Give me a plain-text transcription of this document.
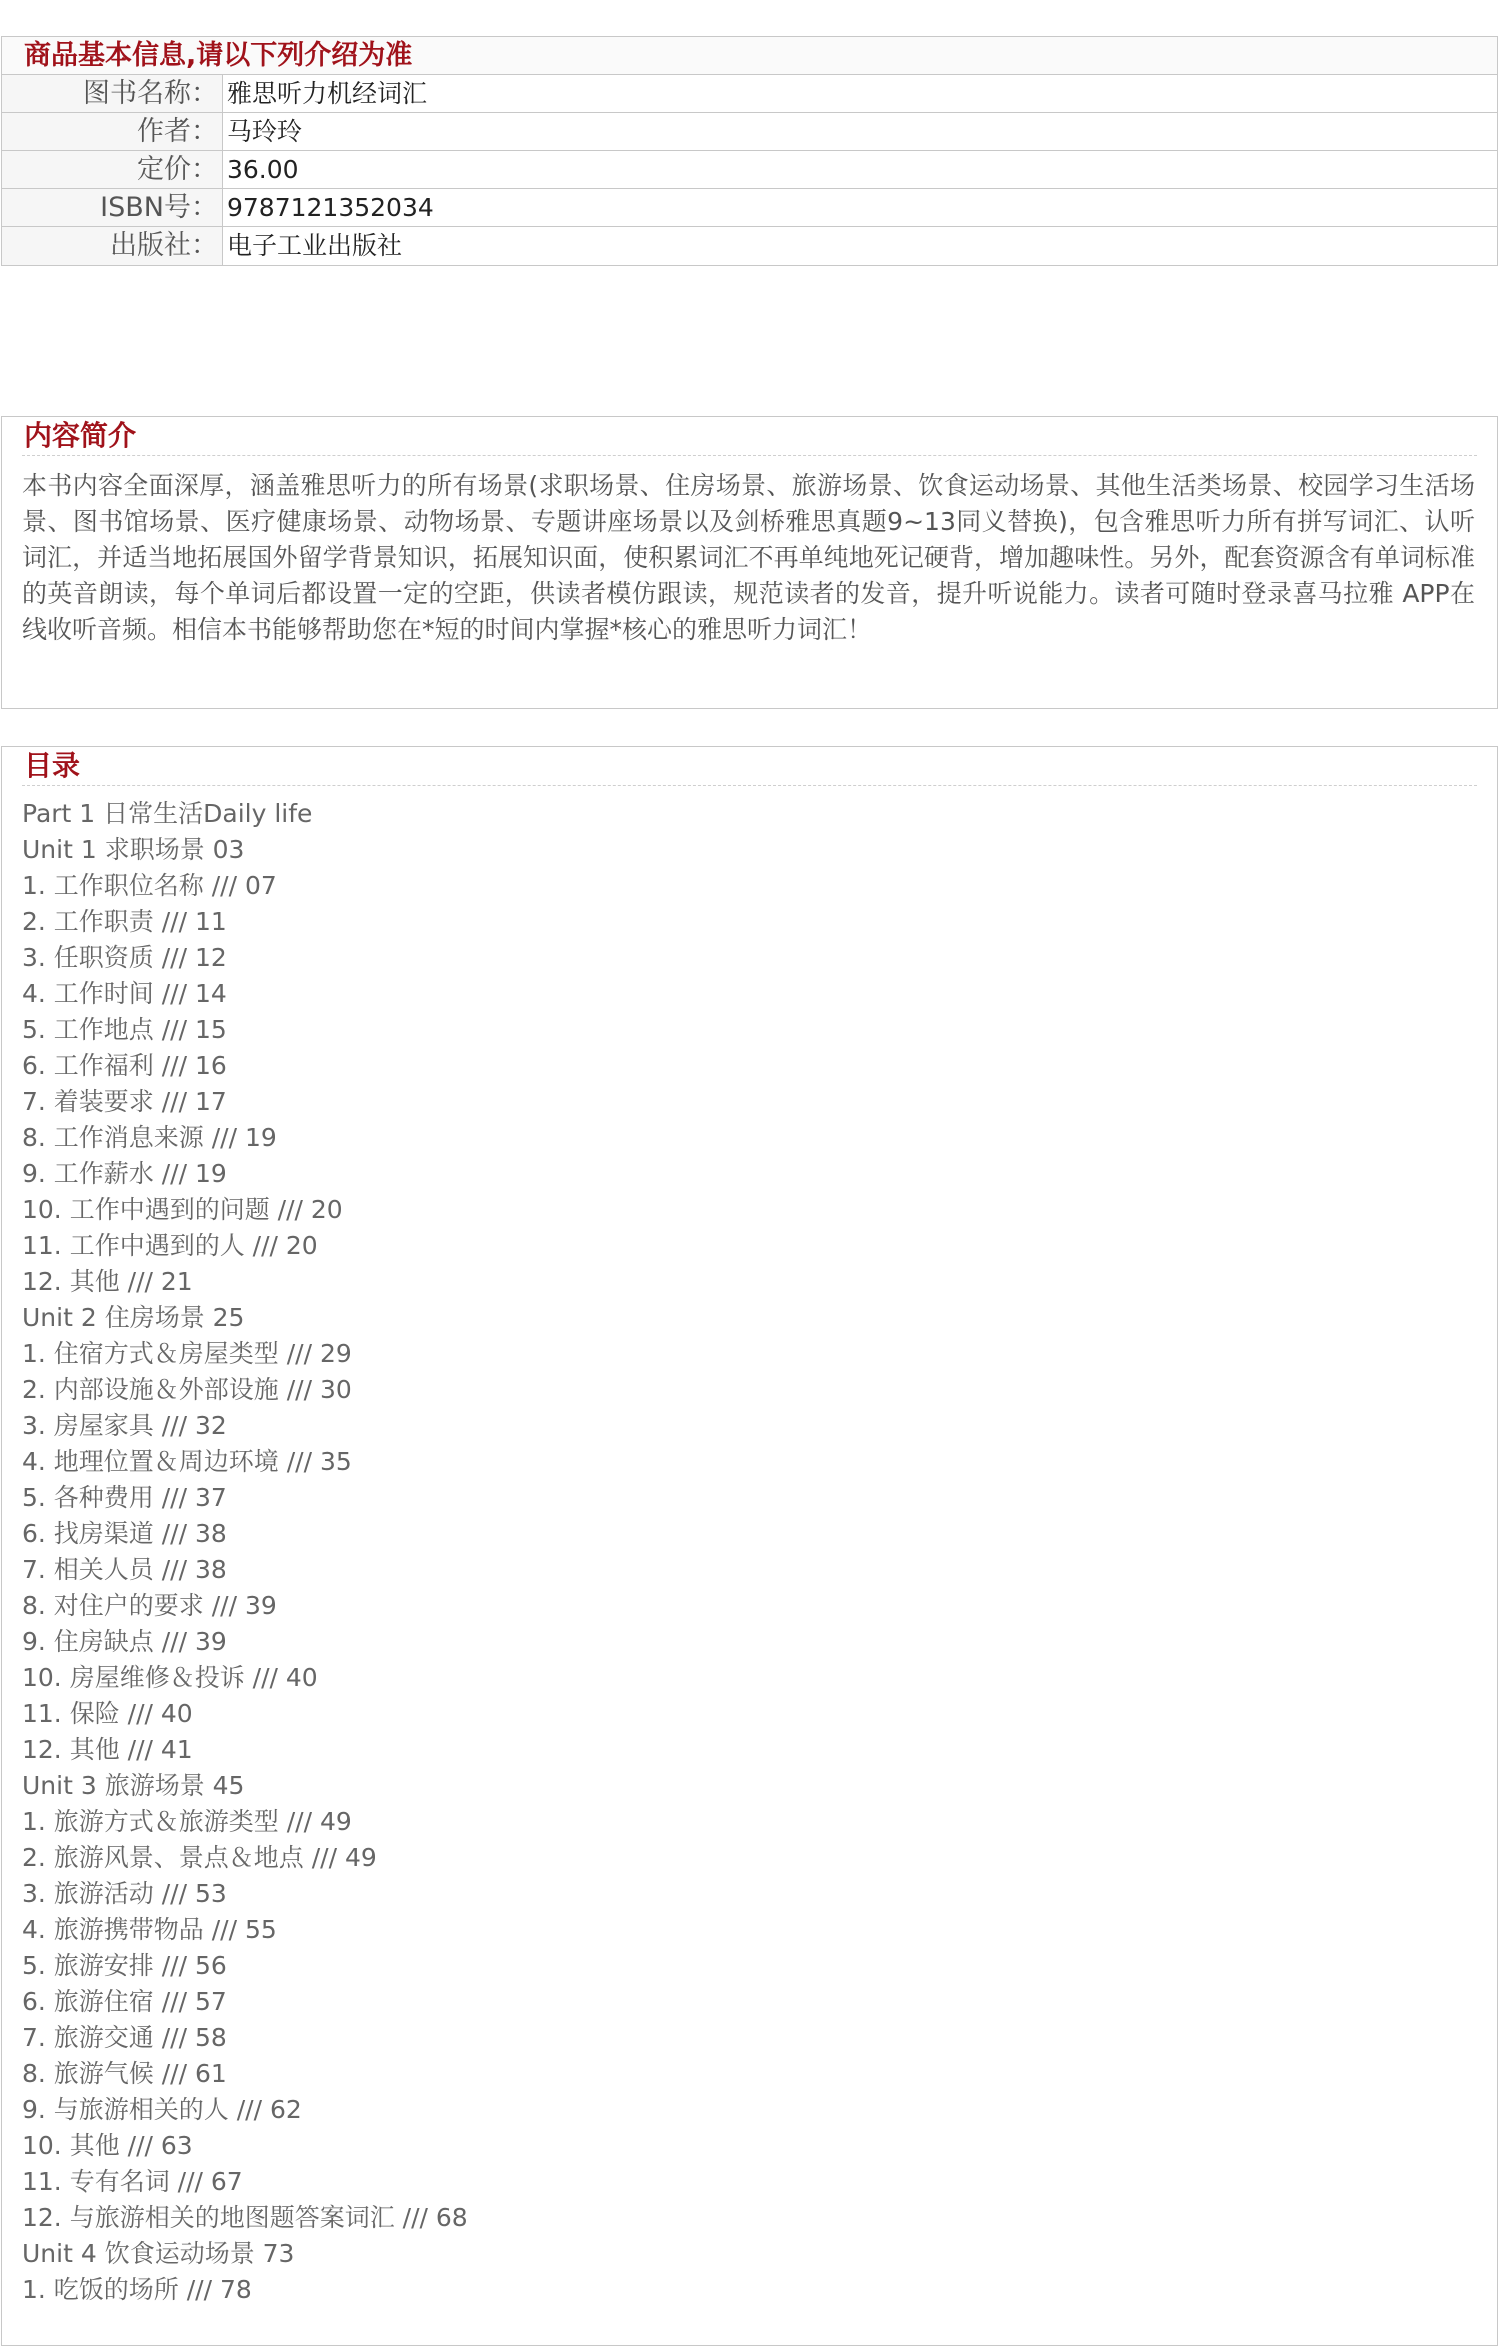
商品基本信息,请以下列介绍为准
图书名称： 雅思听力机经词汇
作者： 马玲玲
定价： 36.00
ISBN号： 9787121352034
出版社： 电子工业出版社
内容简介
本书内容全面深厚，涵盖雅思听力的所有场景(求职场景、住房场景、旅游场景、饮食运动场景、其他生活类场景、校园学习生活场景、图书馆场景、医疗健康场景、动物场景、专题讲座场景以及剑桥雅思真题9~13同义替换)，包含雅思听力所有拼写词汇、认听词汇，并适当地拓展国外留学背景知识，拓展知识面，使积累词汇不再单纯地死记硬背，增加趣味性。另外，配套资源含有单词标准的英音朗读，每个单词后都设置一定的空距，供读者模仿跟读，规范读者的发音，提升听说能力。读者可随时登录喜马拉雅 APP在线收听音频。相信本书能够帮助您在*短的时间内掌握*核心的雅思听力词汇！
目录
Part 1 日常生活Daily life
Unit 1 求职场景 03
1. 工作职位名称 /// 07
2. 工作职责 /// 11
3. 任职资质 /// 12
4. 工作时间 /// 14
5. 工作地点 /// 15
6. 工作福利 /// 16
7. 着装要求 /// 17
8. 工作消息来源 /// 19
9. 工作薪水 /// 19
10. 工作中遇到的问题 /// 20
11. 工作中遇到的人 /// 20
12. 其他 /// 21
Unit 2 住房场景 25
1. 住宿方式＆房屋类型 /// 29
2. 内部设施＆外部设施 /// 30
3. 房屋家具 /// 32
4. 地理位置＆周边环境 /// 35
5. 各种费用 /// 37
6. 找房渠道 /// 38
7. 相关人员 /// 38
8. 对住户的要求 /// 39
9. 住房缺点 /// 39
10. 房屋维修＆投诉 /// 40
11. 保险 /// 40
12. 其他 /// 41
Unit 3 旅游场景 45
1. 旅游方式＆旅游类型 /// 49
2. 旅游风景、景点＆地点 /// 49
3. 旅游活动 /// 53
4. 旅游携带物品 /// 55
5. 旅游安排 /// 56
6. 旅游住宿 /// 57
7. 旅游交通 /// 58
8. 旅游气候 /// 61
9. 与旅游相关的人 /// 62
10. 其他 /// 63
11. 专有名词 /// 67
12. 与旅游相关的地图题答案词汇 /// 68
Unit 4 饮食运动场景 73
1. 吃饭的场所 /// 78
